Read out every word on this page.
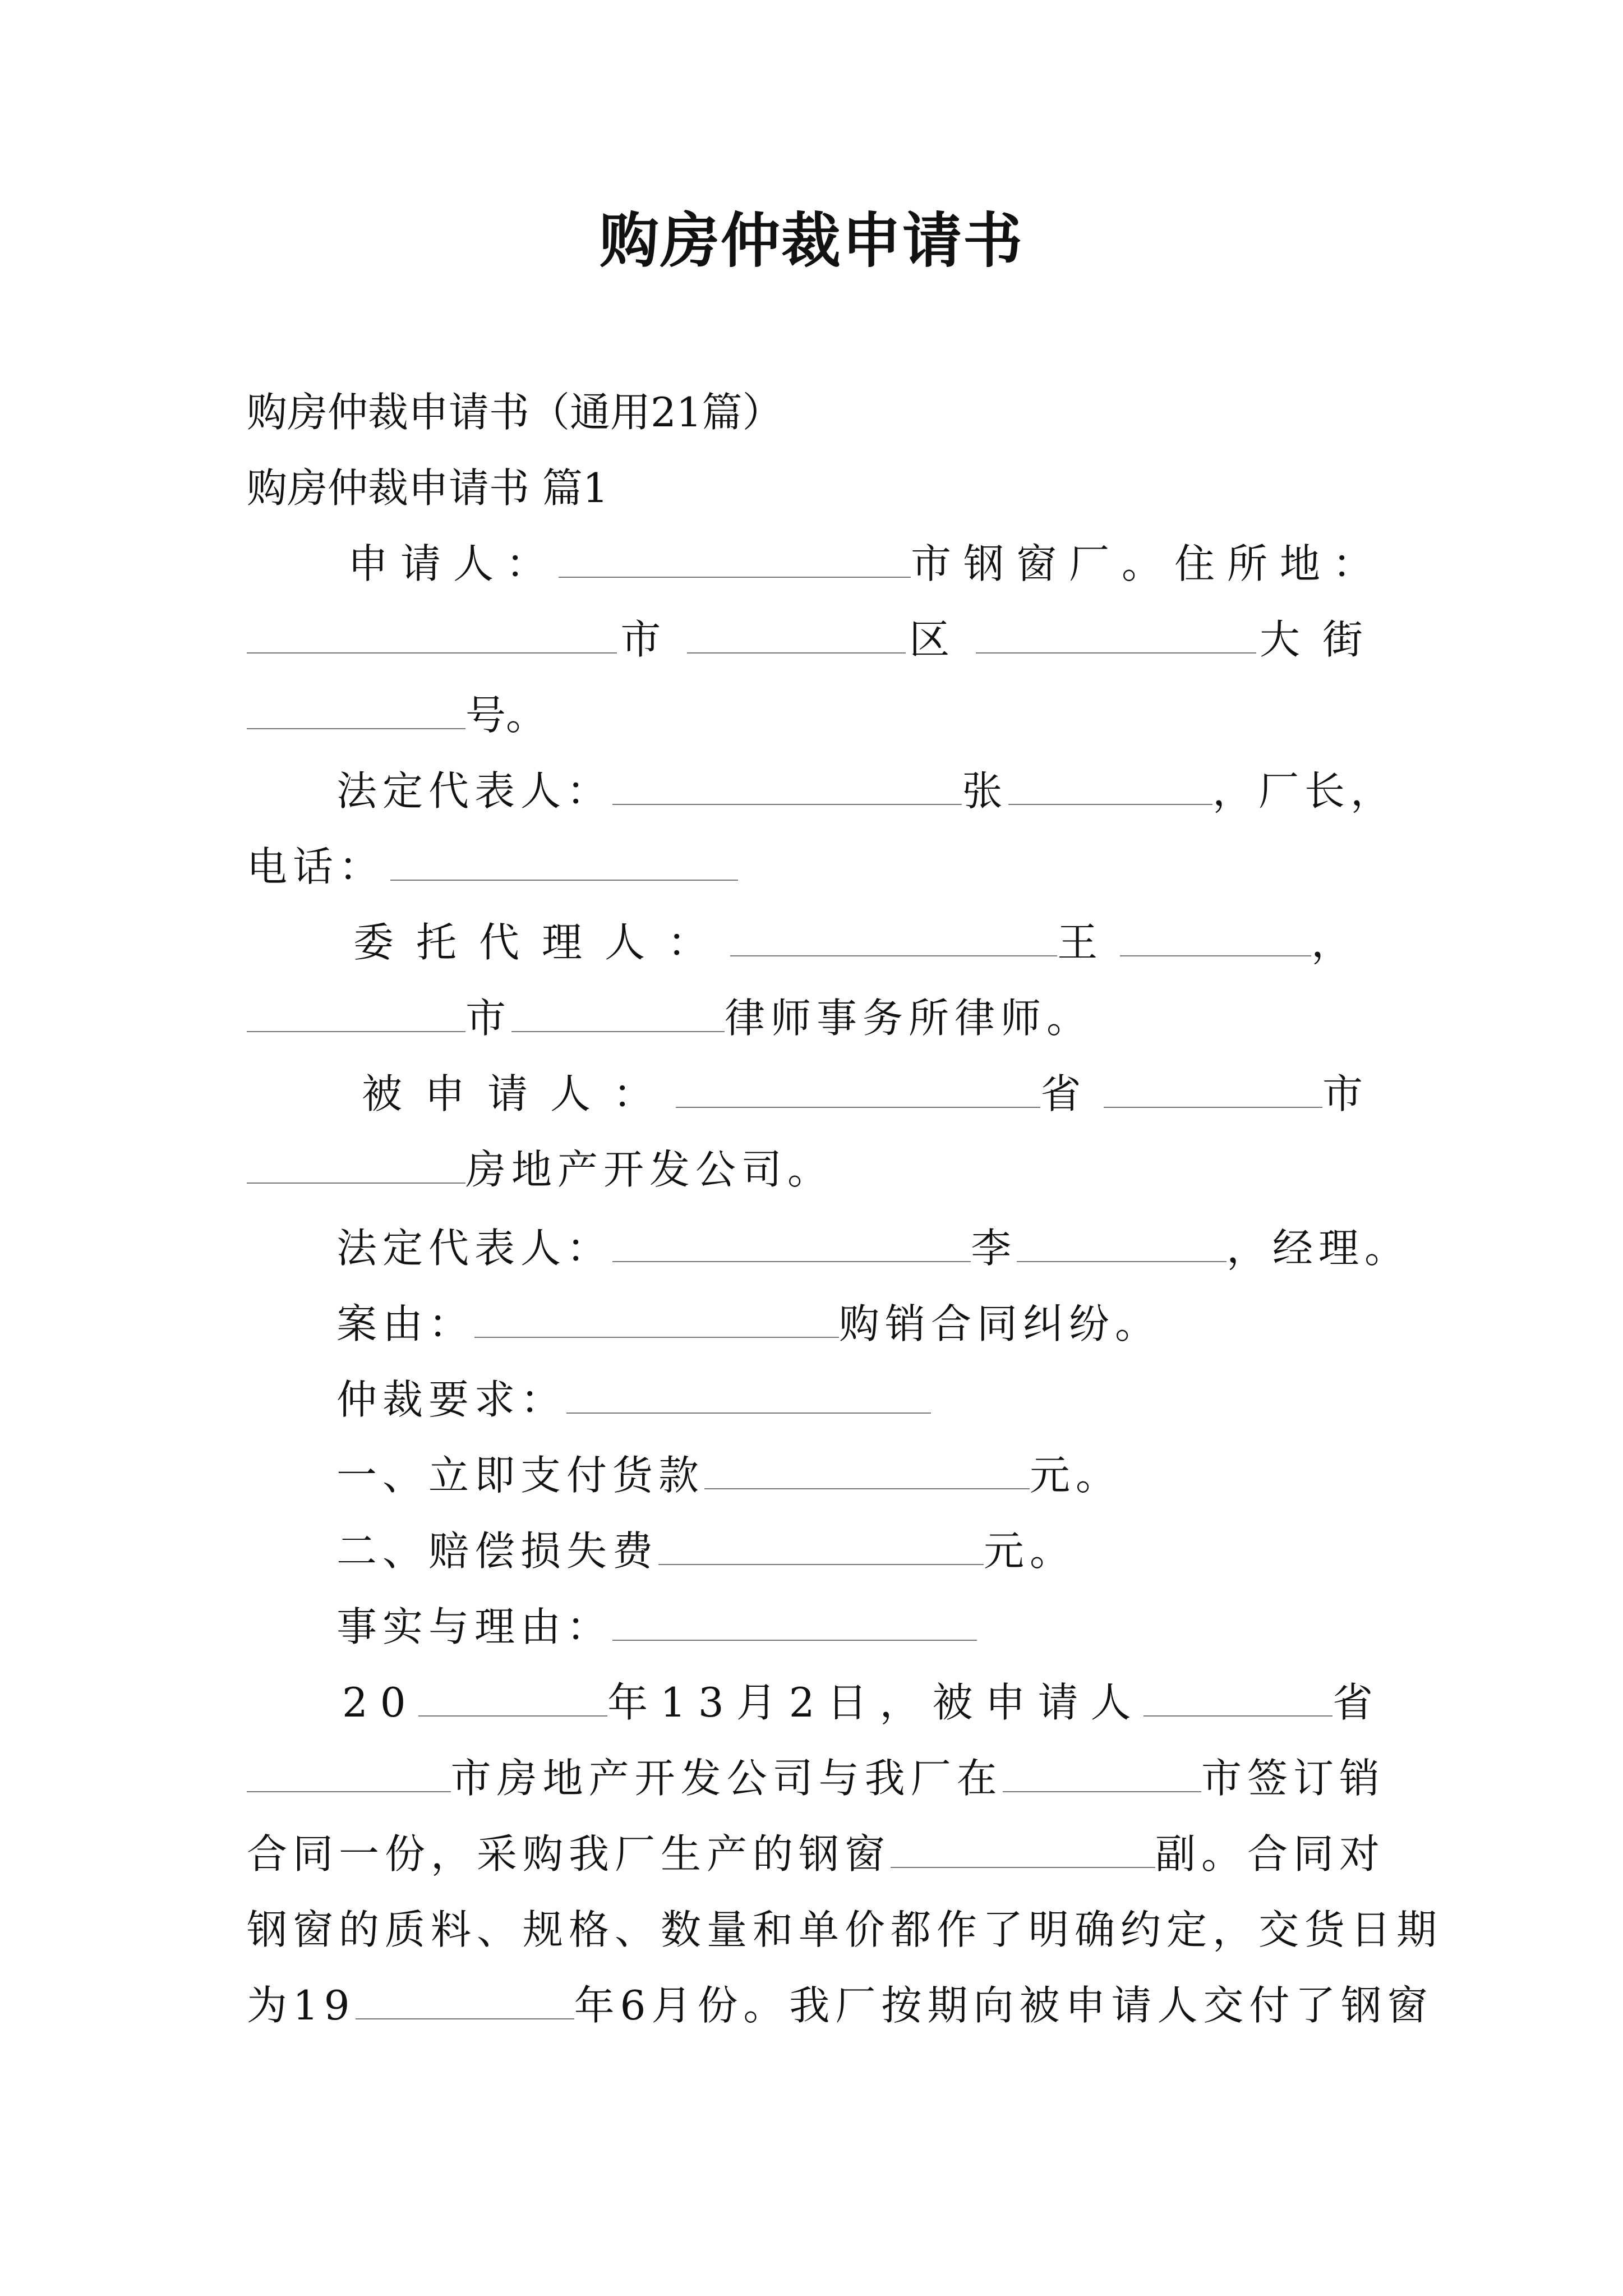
购房仲裁申请书
购房仲裁申请书（通用21篇）
购房仲裁申请书 篇1
申请人：	市钢窗厂。住所地：
市	区	大街
号。
法定代表人：	张	，厂长，
电话：
委托代理人：	王	，
市	律师事务所律师。
被申请人：	省	市
房地产开发公司。
法定代表人：	李	，经理。
案由：	购销合同纠纷。
仲裁要求：
一、立即支付货款	元。
二、赔偿损失费	元。
事实与理由：
20	年13月2日，被申请人	省
市房地产开发公司与我厂在	市签订销
合同一份，采购我厂生产的钢窗	副。合同对
钢窗的质料、规格、数量和单价都作了明确约定，交货日期
为19	年6月份。我厂按期向被申请人交付了钢窗
